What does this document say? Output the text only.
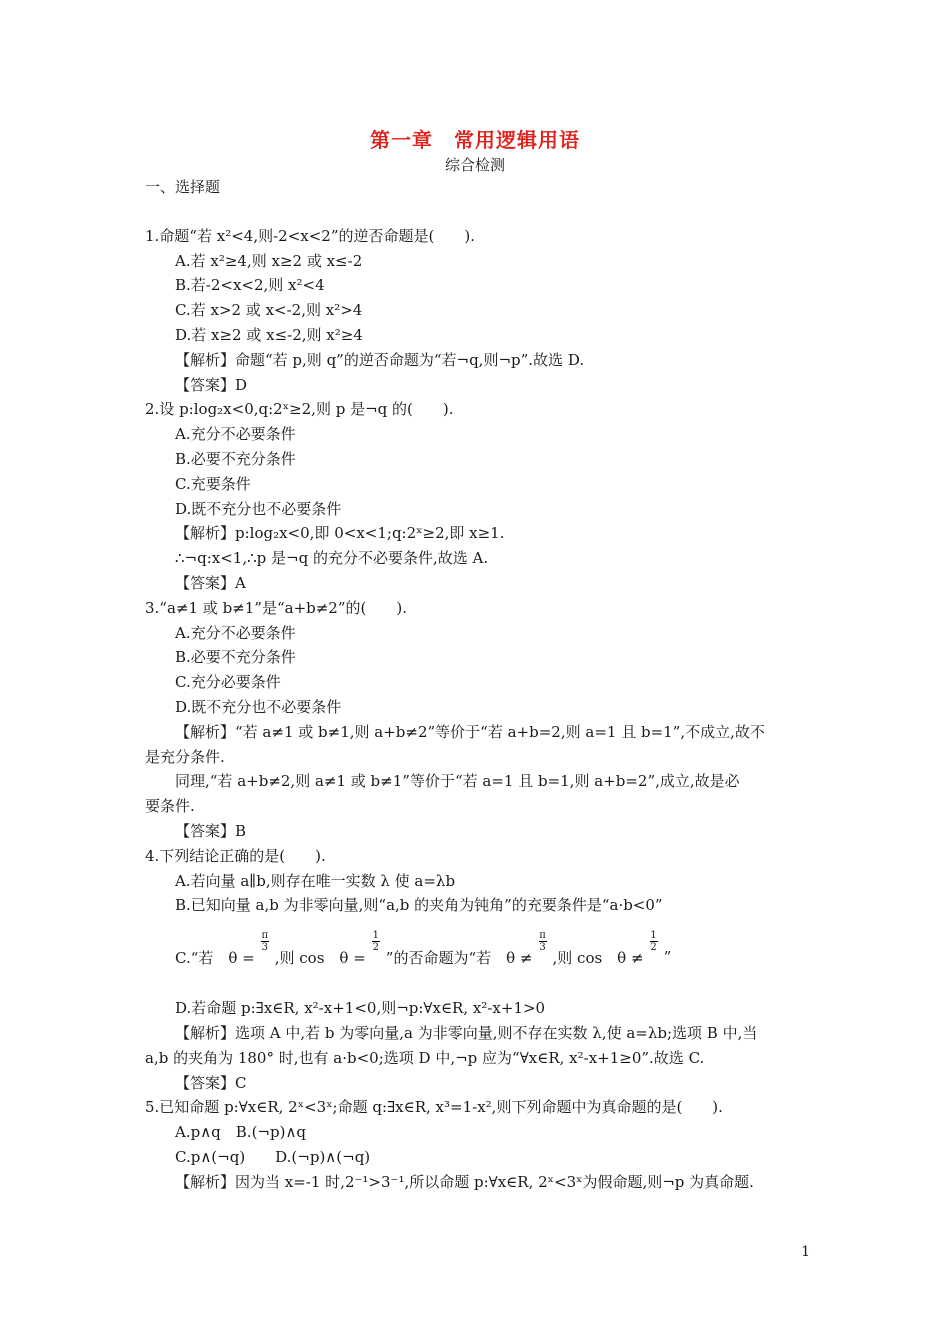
第一章　常用逻辑用语
综合检测
一、选择题
1.命题“若 x²<4,则-2<x<2”的逆否命题是(　　).
A.若 x²≥4,则 x≥2 或 x≤-2
B.若-2<x<2,则 x²<4
C.若 x>2 或 x<-2,则 x²>4
D.若 x≥2 或 x≤-2,则 x²≥4
【解析】命题“若 p,则 q”的逆否命题为“若¬q,则¬p”.故选 D.
【答案】D
2.设 p:log₂x<0,q:2ˣ≥2,则 p 是¬q 的(　　).
A.充分不必要条件
B.必要不充分条件
C.充要条件
D.既不充分也不必要条件
【解析】p:log₂x<0,即 0<x<1;q:2ˣ≥2,即 x≥1.
∴¬q:x<1,∴p 是¬q 的充分不必要条件,故选 A.
【答案】A
3.“a≠1 或 b≠1”是“a+b≠2”的(　　).
A.充分不必要条件
B.必要不充分条件
C.充分必要条件
D.既不充分也不必要条件
【解析】“若 a≠1 或 b≠1,则 a+b≠2”等价于“若 a+b=2,则 a=1 且 b=1”,不成立,故不
是充分条件.
同理,“若 a+b≠2,则 a≠1 或 b≠1”等价于“若 a=1 且 b=1,则 a+b=2”,成立,故是必
要条件.
【答案】B
4.下列结论正确的是(　　).
A.若向量 a∥b,则存在唯一实数 λ 使 a=λb
B.已知向量 a,b 为非零向量,则“a,b 的夹角为钝角”的充要条件是“a·b<0”
C.“若　θ =
$\frac{\pi}{3}$
,则 cos　θ =
$\frac{1}{2}$
”的否命题为“若　θ ≠
$\frac{\pi}{3}$
,则 cos　θ ≠
$\frac{1}{2}$
”
D.若命题 p:∃x∈R, x²-x+1<0,则¬p:∀x∈R, x²-x+1>0
【解析】选项 A 中,若 b 为零向量,a 为非零向量,则不存在实数 λ,使 a=λb;选项 B 中,当
a,b 的夹角为 180° 时,也有 a·b<0;选项 D 中,¬p 应为“∀x∈R, x²-x+1≥0”.故选 C.
【答案】C
5.已知命题 p:∀x∈R, 2ˣ<3ˣ;命题 q:∃x∈R, x³=1-x²,则下列命题中为真命题的是(　　).
A.p∧q　B.(¬p)∧q
C.p∧(¬q)　　D.(¬p)∧(¬q)
【解析】因为当 x=-1 时,2⁻¹>3⁻¹,所以命题 p:∀x∈R, 2ˣ<3ˣ为假命题,则¬p 为真命题.
1
